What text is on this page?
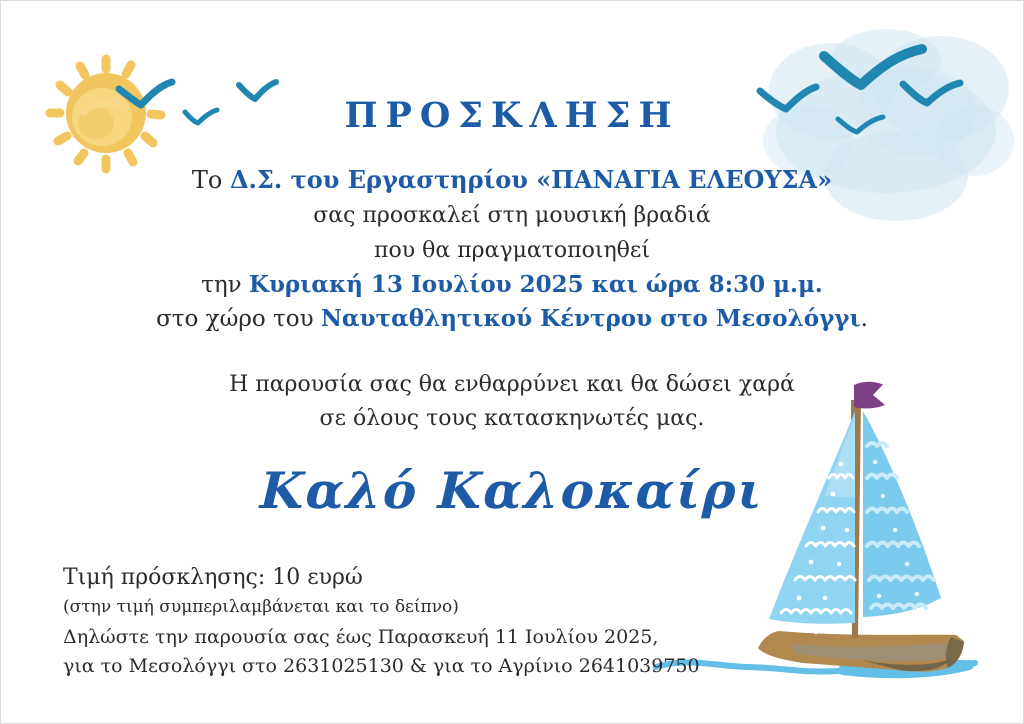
ΠΡΟΣΚΛΗΣΗ
Το Δ.Σ. του Εργαστηρίου «ΠΑΝΑΓΙΑ ΕΛΕΟΥΣΑ»
σας προσκαλεί στη μουσική βραδιά
που θα πραγματοποιηθεί
την Κυριακή 13 Ιουλίου 2025 και ώρα 8:30 μ.μ.
στο χώρο του Ναυταθλητικού Κέντρου στο Μεσολόγγι.
Η παρουσία σας θα ενθαρρύνει και θα δώσει χαρά
σε όλους τους κατασκηνωτές μας.
Καλό Καλοκαίρι
Τιμή πρόσκλησης: 10 ευρώ
(στην τιμή συμπεριλαμβάνεται και το δείπνο)
Δηλώστε την παρουσία σας έως Παρασκευή 11 Ιουλίου 2025,
για το Μεσολόγγι στο 2631025130 & για το Αγρίνιο 2641039750
